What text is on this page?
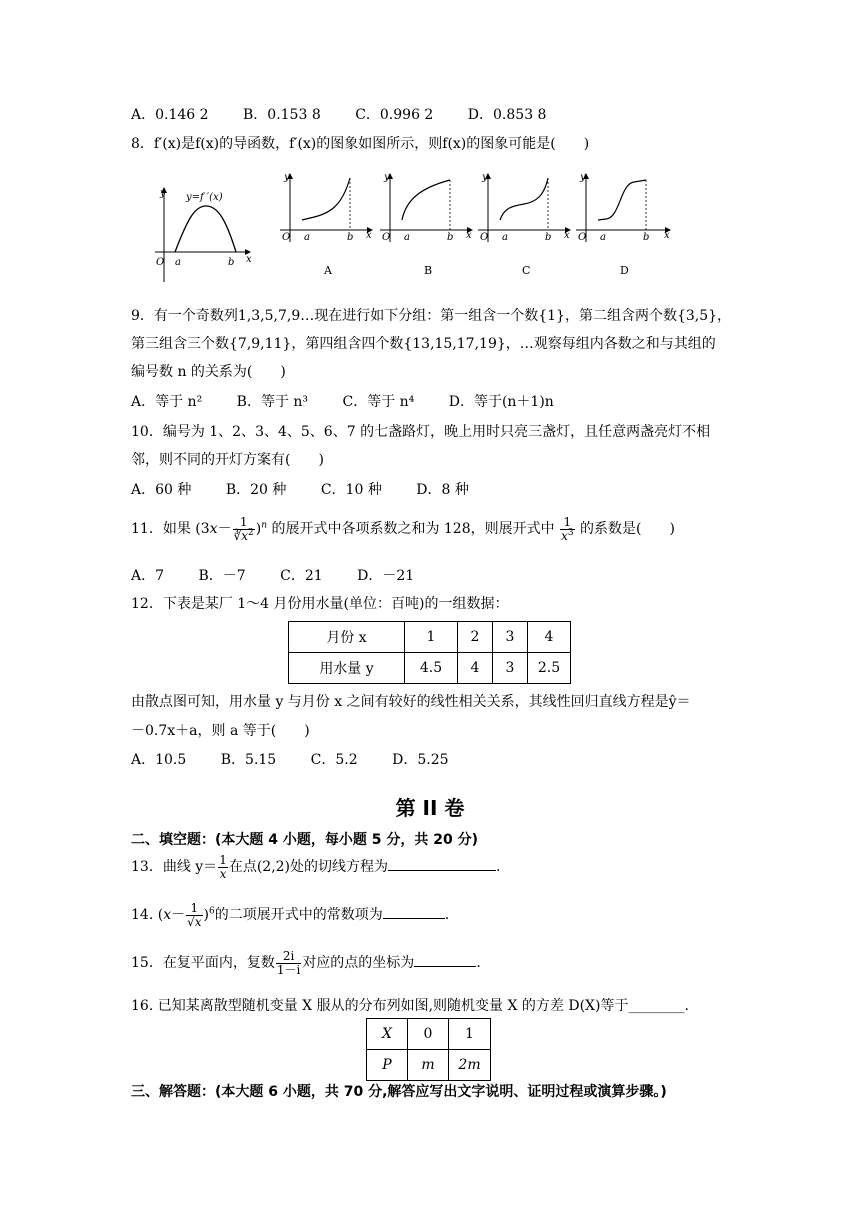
A．0.146 2 B．0.153 8 C．0.996 2 D．0.853 8
8．f′(x)是f(x)的导函数，f′(x)的图象如图所示，则f(x)的图象可能是(　　)
y y=f ′(x)
O a	b x
y
O a	b x
A
y
O a	b x
B
y
O a	b x
C
y
O a	b x
D
9．有一个奇数列1,3,5,7,9…现在进行如下分组：第一组含一个数{1}，第二组含两个数{3,5}，
第三组含三个数{7,9,11}，第四组含四个数{13,15,17,19}，…观察每组内各数之和与其组的
编号数 n 的关系为(　　)
A．等于 n² B．等于 n³ C．等于 n⁴ D．等于(n＋1)n
10．编号为 1、2、3、4、5、6、7 的七盏路灯，晚上用时只亮三盏灯，且任意两盏亮灯不相
邻，则不同的开灯方案有(　　)
A．60 种 B．20 种 C．10 种 D．8 种
11．如果 $(3x- \frac{1}{∛x^2} )^n$ 的展开式中各项系数之和为 128，则展开式中 $\frac{1}{x^3}$ 的系数是(　　)
A．7 B．－7 C．21 D．－21
12．下表是某厂 1～4 月份用水量(单位：百吨)的一组数据：
月份 x	1	2	3	4
用水量 y	4.5	4	3	2.5
由散点图可知，用水量 y 与月份 x 之间有较好的线性相关关系，其线性回归直线方程是ŷ＝
－0.7x＋a，则 a 等于(　　)
A．10.5 B．5.15 C．5.2 D．5.25
第 II 卷
二、填空题：(本大题 4 小题，每小题 5 分，共 20 分)
13．曲线 $y= \frac{1}{x}$ 在点(2,2)处的切线方程为	.
14. $(x- \frac{1}{√x} )^6$的二项展开式中的常数项为	.
15．在复平面内，复数 $\frac{2i}{1-i}$ 对应的点的坐标为	.
16. 已知某离散型随机变量 X 服从的分布列如图,则随机变量 X 的方差 D(X)等于________.
X	0	1
P	m	2m
三、解答题：(本大题 6 小题，共 70 分,解答应写出文字说明、证明过程或演算步骤。)
